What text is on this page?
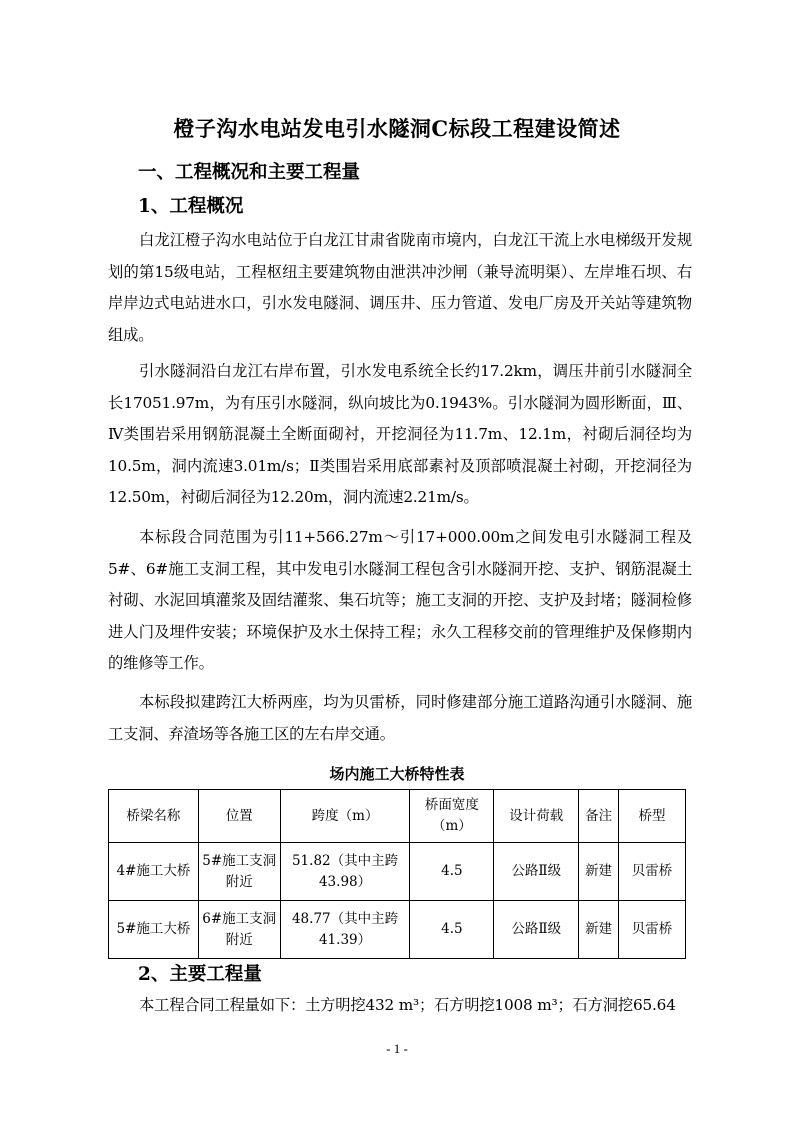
橙子沟水电站发电引水隧洞C标段工程建设简述
一、工程概况和主要工程量
1、工程概况

白龙江橙子沟水电站位于白龙江甘肃省陇南市境内，白龙江干流上水电梯级开发规划的第15级电站，工程枢纽主要建筑物由泄洪冲沙闸（兼导流明渠）、左岸堆石坝、右岸岸边式电站进水口，引水发电隧洞、调压井、压力管道、发电厂房及开关站等建筑物组成。

引水隧洞沿白龙江右岸布置，引水发电系统全长约17.2km，调压井前引水隧洞全长17051.97m，为有压引水隧洞，纵向坡比为0.1943%。引水隧洞为圆形断面，Ⅲ、Ⅳ类围岩采用钢筋混凝土全断面砌衬，开挖洞径为11.7m、12.1m，衬砌后洞径均为10.5m，洞内流速3.01m/s；Ⅱ类围岩采用底部素衬及顶部喷混凝土衬砌，开挖洞径为12.50m，衬砌后洞径为12.20m，洞内流速2.21m/s。

本标段合同范围为引11+566.27m～引17+000.00m之间发电引水隧洞工程及5#、6#施工支洞工程，其中发电引水隧洞工程包含引水隧洞开挖、支护、钢筋混凝土衬砌、水泥回填灌浆及固结灌浆、集石坑等；施工支洞的开挖、支护及封堵；隧洞检修进人门及埋件安装；环境保护及水土保持工程；永久工程移交前的管理维护及保修期内的维修等工作。

本标段拟建跨江大桥两座，均为贝雷桥，同时修建部分施工道路沟通引水隧洞、施工支洞、弃渣场等各施工区的左右岸交通。

场内施工大桥特性表
桥梁名称	位置	跨度（m）	桥面宽度（m）	设计荷载	备注	桥型
4#施工大桥	5#施工支洞附近	51.82（其中主跨43.98）	4.5	公路Ⅱ级	新建	贝雷桥
5#施工大桥	6#施工支洞附近	48.77（其中主跨41.39）	4.5	公路Ⅱ级	新建	贝雷桥
2、主要工程量

本工程合同工程量如下：土方明挖432 m³；石方明挖1008 m³；石方洞挖65.64

- 1 -
